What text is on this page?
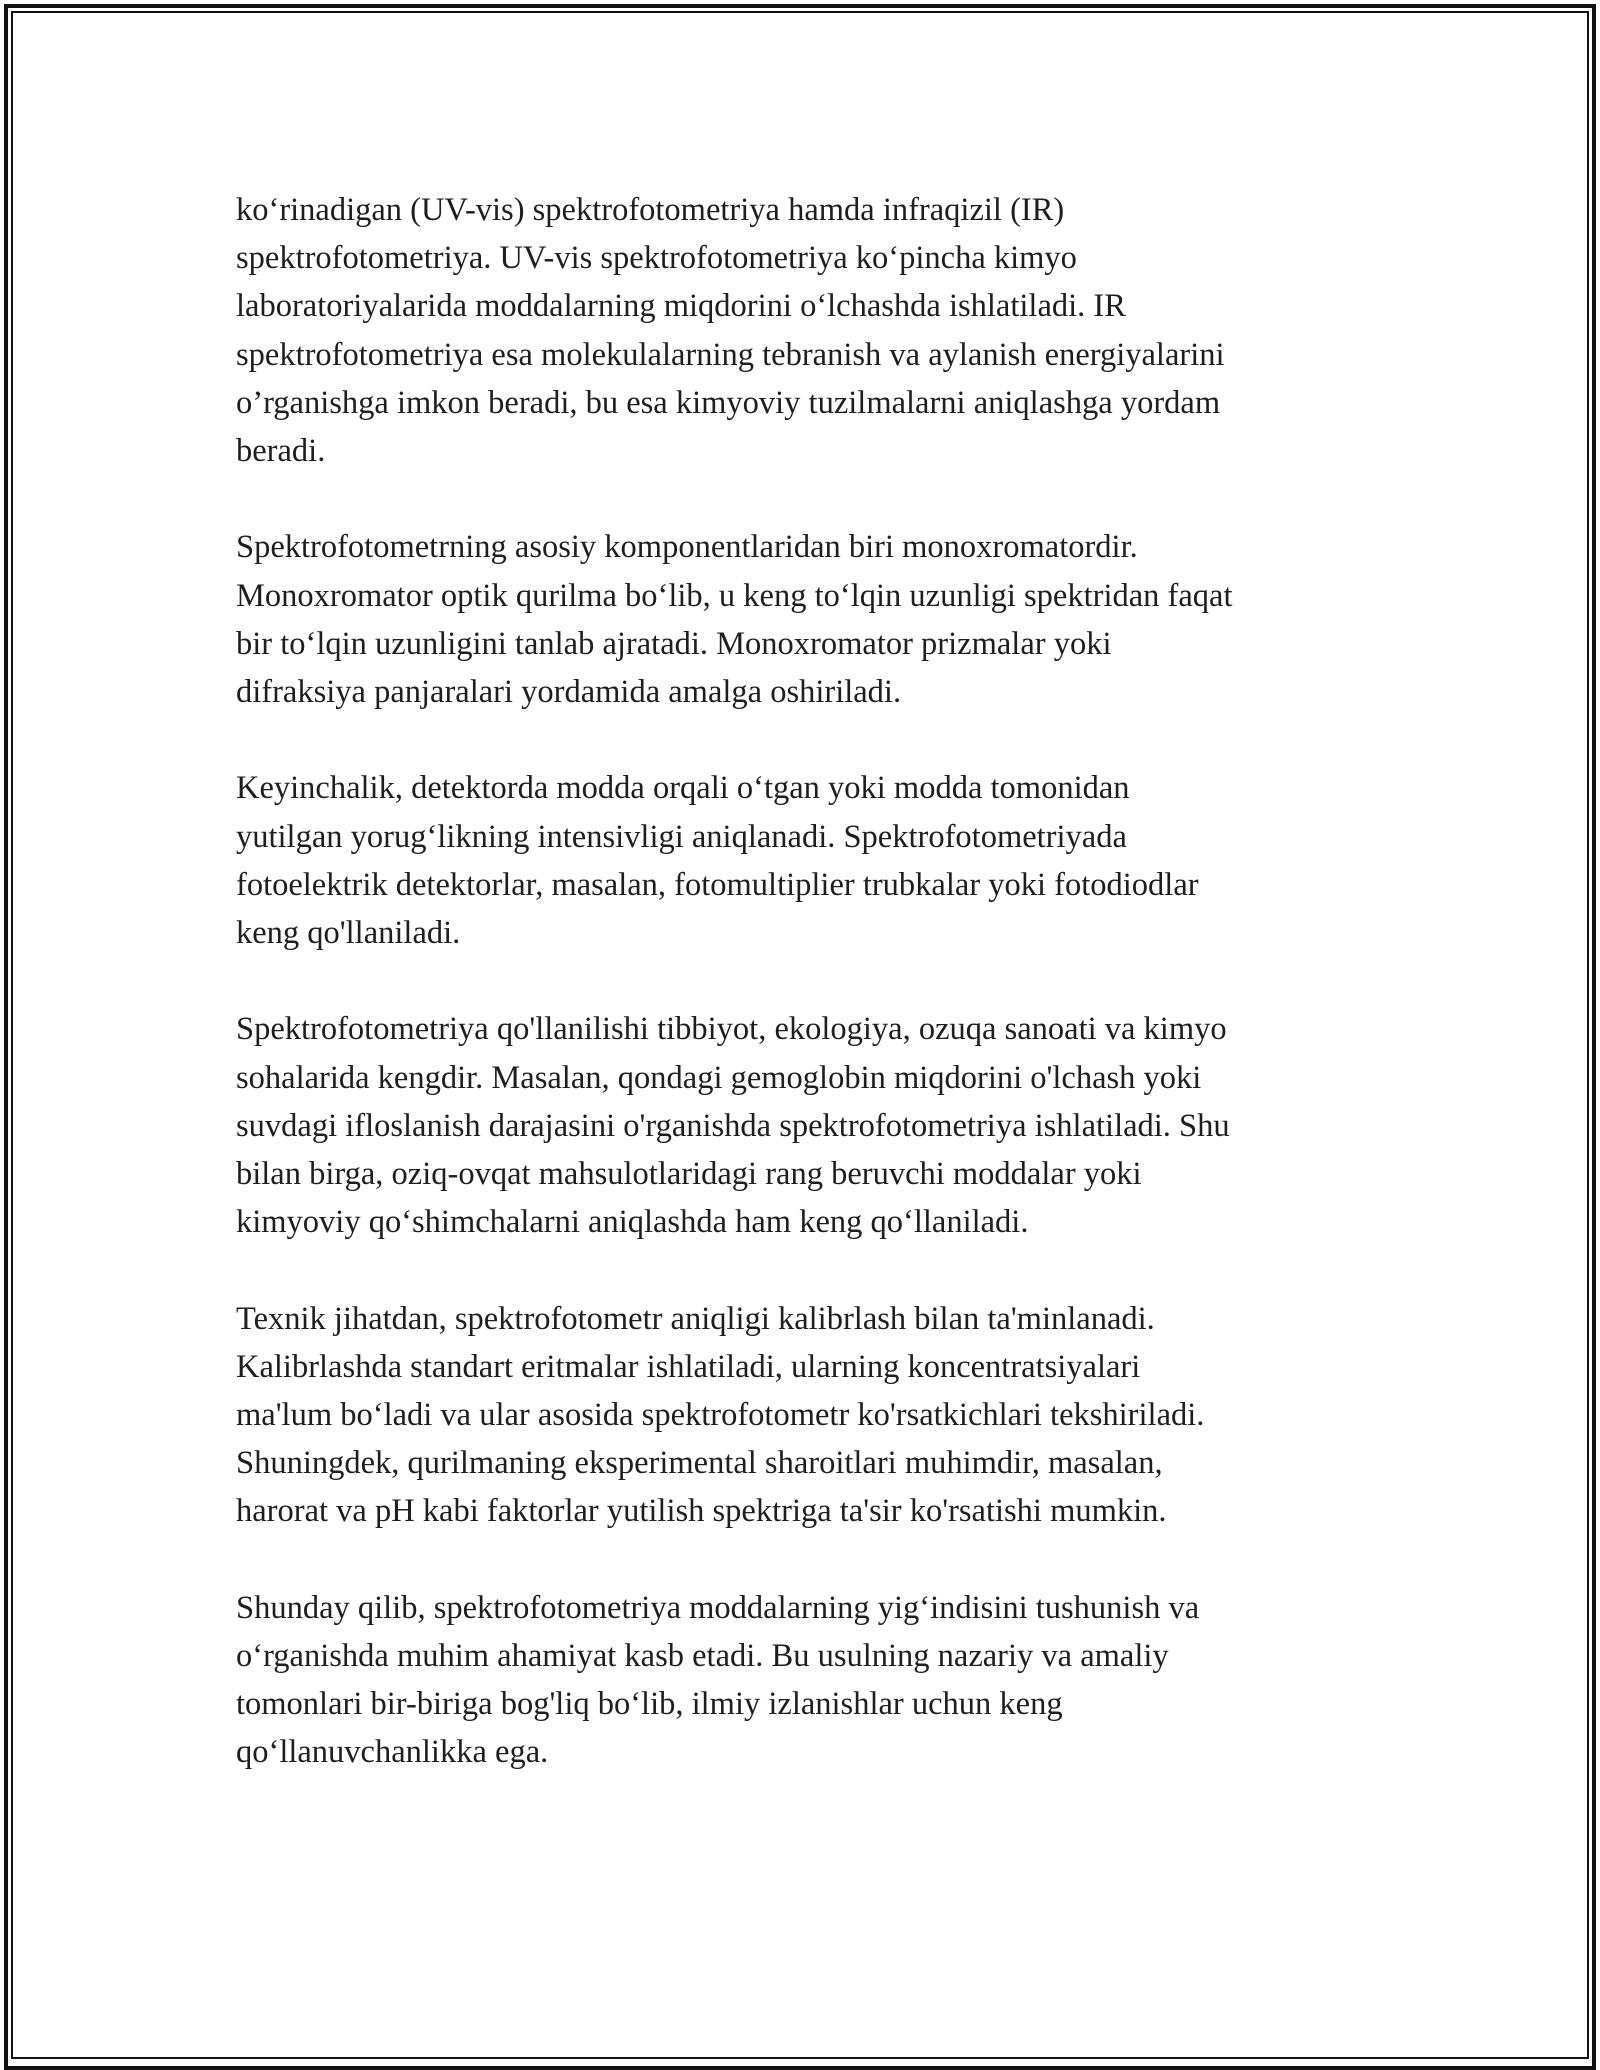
ko‘rinadigan (UV-vis) spektrofotometriya hamda infraqizil (IR)
spektrofotometriya. UV-vis spektrofotometriya ko‘pincha kimyo
laboratoriyalarida moddalarning miqdorini o‘lchashda ishlatiladi. IR
spektrofotometriya esa molekulalarning tebranish va aylanish energiyalarini
o’rganishga imkon beradi, bu esa kimyoviy tuzilmalarni aniqlashga yordam
beradi.

Spektrofotometrning asosiy komponentlaridan biri monoxromatordir.
Monoxromator optik qurilma bo‘lib, u keng to‘lqin uzunligi spektridan faqat
bir to‘lqin uzunligini tanlab ajratadi. Monoxromator prizmalar yoki
difraksiya panjaralari yordamida amalga oshiriladi.

Keyinchalik, detektorda modda orqali o‘tgan yoki modda tomonidan
yutilgan yorug‘likning intensivligi aniqlanadi. Spektrofotometriyada
fotoelektrik detektorlar, masalan, fotomultiplier trubkalar yoki fotodiodlar
keng qo'llaniladi.

Spektrofotometriya qo'llanilishi tibbiyot, ekologiya, ozuqa sanoati va kimyo
sohalarida kengdir. Masalan, qondagi gemoglobin miqdorini o'lchash yoki
suvdagi ifloslanish darajasini o'rganishda spektrofotometriya ishlatiladi. Shu
bilan birga, oziq-ovqat mahsulotlaridagi rang beruvchi moddalar yoki
kimyoviy qo‘shimchalarni aniqlashda ham keng qo‘llaniladi.

Texnik jihatdan, spektrofotometr aniqligi kalibrlash bilan ta'minlanadi.
Kalibrlashda standart eritmalar ishlatiladi, ularning koncentratsiyalari
ma'lum bo‘ladi va ular asosida spektrofotometr ko'rsatkichlari tekshiriladi.
Shuningdek, qurilmaning eksperimental sharoitlari muhimdir, masalan,
harorat va pH kabi faktorlar yutilish spektriga ta'sir ko'rsatishi mumkin.

Shunday qilib, spektrofotometriya moddalarning yig‘indisini tushunish va
o‘rganishda muhim ahamiyat kasb etadi. Bu usulning nazariy va amaliy
tomonlari bir-biriga bog'liq bo‘lib, ilmiy izlanishlar uchun keng
qo‘llanuvchanlikka ega.
